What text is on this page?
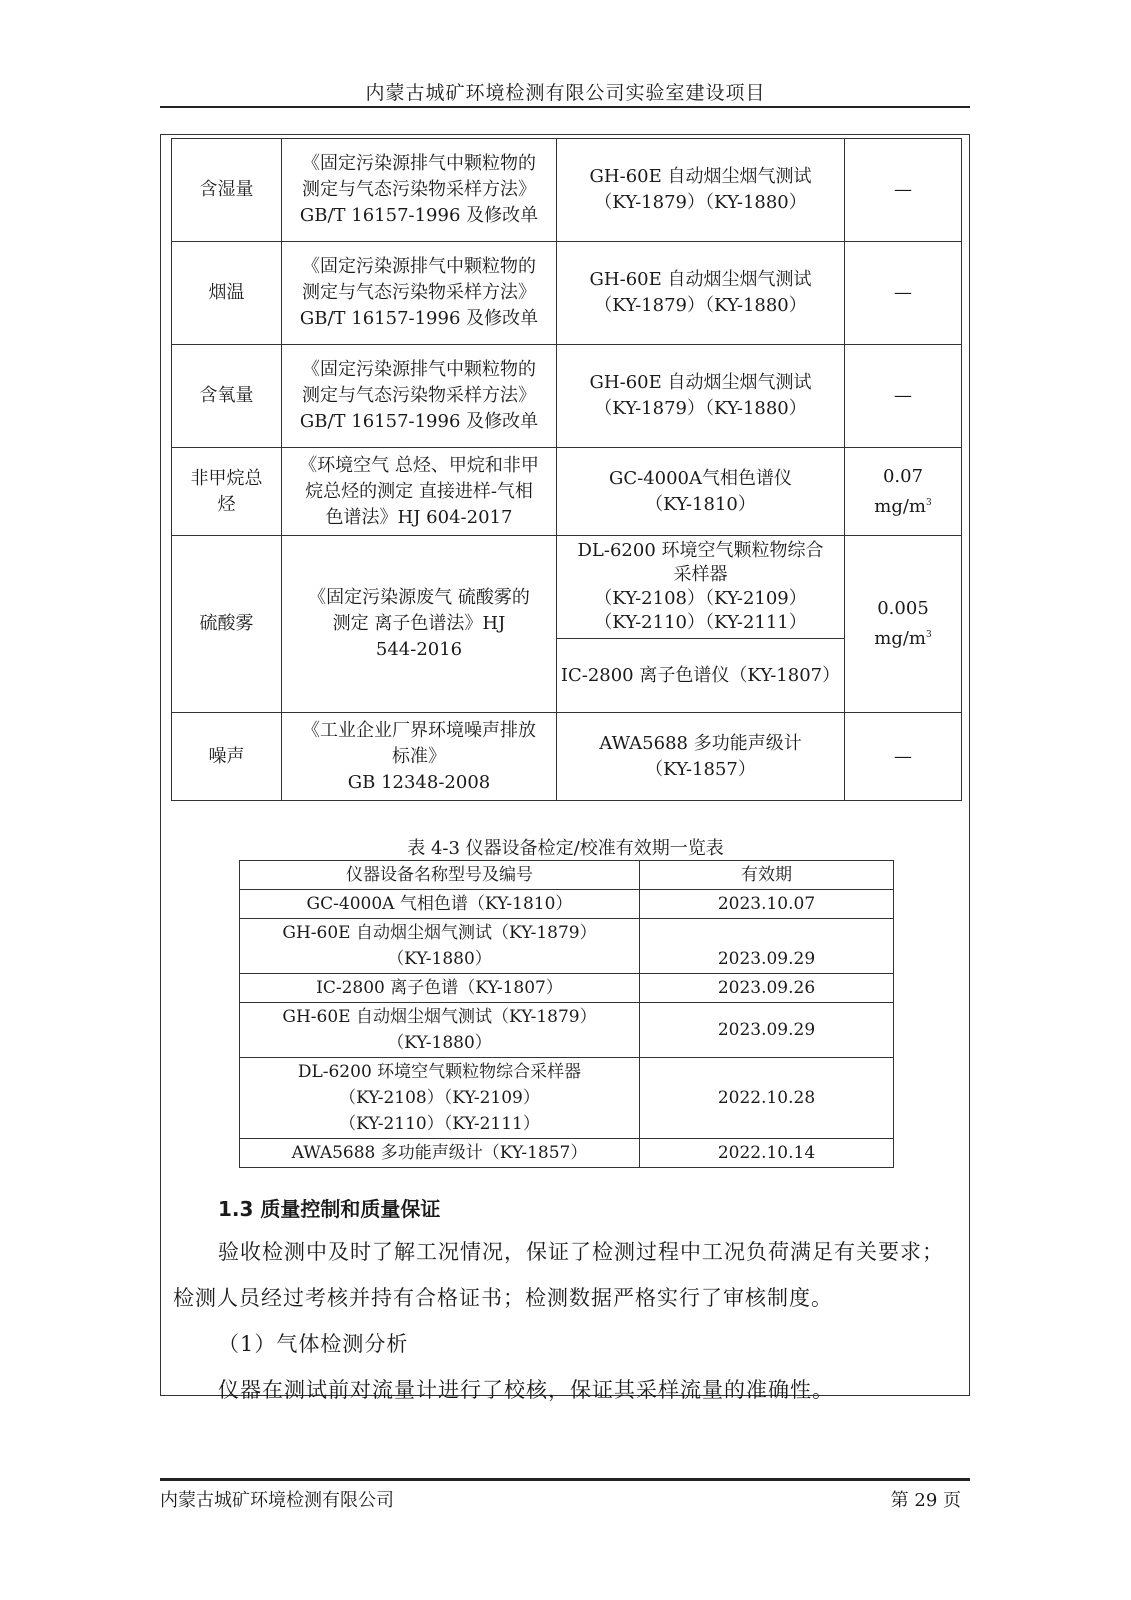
内蒙古城矿环境检测有限公司实验室建设项目
含湿量	《固定污染源排气中颗粒物的
测定与气态污染物采样方法》
GB/T 16157-1996 及修改单	GH-60E 自动烟尘烟气测试
（KY-1879）（KY-1880）	—
烟温	《固定污染源排气中颗粒物的
测定与气态污染物采样方法》
GB/T 16157-1996 及修改单	GH-60E 自动烟尘烟气测试
（KY-1879）（KY-1880）	—
含氧量	《固定污染源排气中颗粒物的
测定与气态污染物采样方法》
GB/T 16157-1996 及修改单	GH-60E 自动烟尘烟气测试
（KY-1879）（KY-1880）	—

非甲烷总
烃	《环境空气 总烃、甲烷和非甲
烷总烃的测定 直接进样-气相
色谱法》HJ 604-2017	GC-4000A气相色谱仪
（KY-1810）	0.07
$mg/m^3$

硫酸雾	《固定污染源废气 硫酸雾的
测定 离子色谱法》HJ
544-2016	DL-6200 环境空气颗粒物综合
采样器
（KY-2108）（KY-2109）
（KY-2110）（KY-2111）	0.005
$mg/m^3$

		IC-2800 离子色谱仪（KY-1807）	
噪声	《工业企业厂界环境噪声排放
标准》
GB 12348-2008	AWA5688 多功能声级计
（KY-1857）	—
表 4-3 仪器设备检定/校准有效期一览表
仪器设备名称型号及编号	有效期
GC-4000A 气相色谱（KY-1810）	2023.10.07

GH-60E 自动烟尘烟气测试（KY-1879）
（KY-1880）	2023.09.29
IC-2800 离子色谱（KY-1807）	2023.09.26

GH-60E 自动烟尘烟气测试（KY-1879）
（KY-1880）	2023.09.29

DL-6200 环境空气颗粒物综合采样器
（KY-2108）（KY-2109）
（KY-2110）（KY-2111）	2022.10.28
AWA5688 多功能声级计（KY-1857）	2022.10.14
1.3 质量控制和质量保证
验收检测中及时了解工况情况，保证了检测过程中工况负荷满足有关要求；
检测人员经过考核并持有合格证书；检测数据严格实行了审核制度。
（1）气体检测分析
仪器在测试前对流量计进行了校核，保证其采样流量的准确性。
内蒙古城矿环境检测有限公司	第 29 页
